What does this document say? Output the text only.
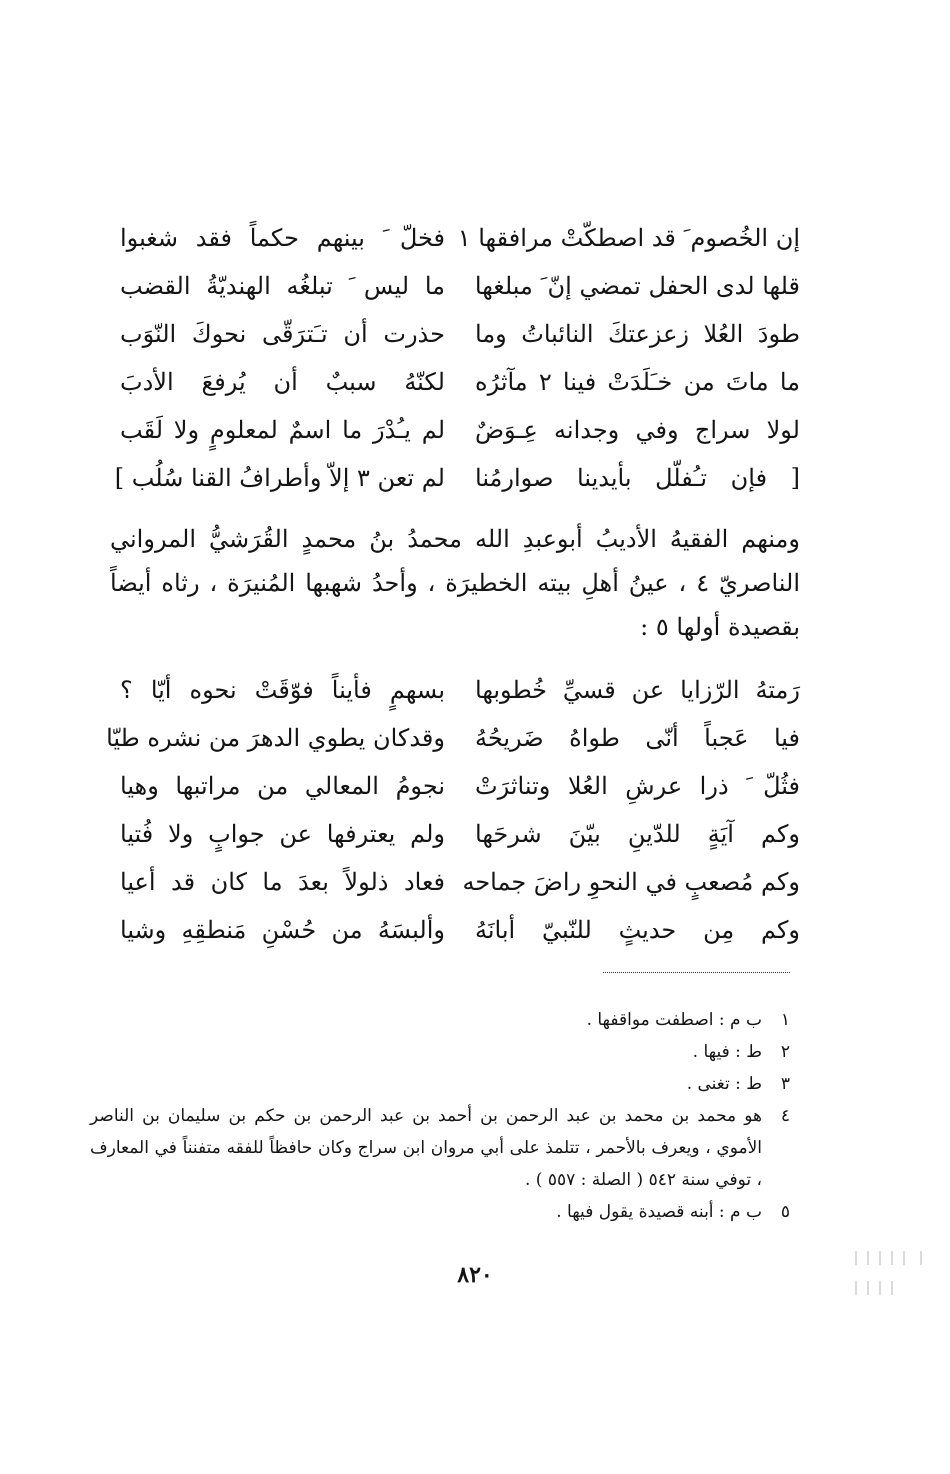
إن الخُصوم َ قد اصطكّتْ مرافقها ١
فخلّ َ بينهم حكماً فقد شغبوا
قلها لدى الحفل تمضي إنّ َ مبلغها
ما ليس َ تبلغُه الهنديّةُ القضب
طودَ العُلا زعزعتكَ النائباتُ وما
حذرت أن تـَترَقّى نحوكَ النّوَب
ما ماتَ من خـَلَدَتْ فينا ٢ مآثرُه
لكنّهُ سببٌ أن يُرفعَ الأدبَ
لولا سراج وفي وجدانه عِـوَضٌ
لم يـُدْرَ ما اسمٌ لمعلومٍ ولا لَقَب
[ فإن تـُفلّل بأيدينا صوارمُنا
لم تعن ٣ إلاّ وأطرافُ القنا سُلُب ]
ومنهم الفقيهُ الأديبُ أبوعبدِ الله محمدُ بنُ محمدٍ القُرَشيُّ المرواني الناصريّ ٤ ، عينُ أهلِ بيته الخطيرَة ، وأحدُ شهبها المُنيرَة ، رثاه أيضاً بقصيدة أولها ٥ :
رَمتهُ الرّزايا عن قسيِّ خُطوبها
بسهمٍ فأيناً فوّقَتْ نحوه أيّا ؟
فيا عَجباً أنّى طواهُ ضَريحُهُ
وقدكان يطوي الدهرَ من نشره طيّا
فثُلّ َ ذرا عرشِ العُلا وتناثرَتْ
نجومُ المعالي من مراتبها وهيا
وكم آيَةٍ للدّينِ بيّنَ شرحَها
ولم يعترفها عن جوابٍ ولا فُتيا
وكم مُصعبٍ في النحوِ راضَ جماحه
فعاد ذلولاً بعدَ ما كان قد أعيا
وكم مِن حديثٍ للنّبيّ أبانَهُ
وألبسَهُ من حُسْنِ مَنطقِهِ وشيا
١
ب م : اصطفت مواقفها .
٢
ط : فيها .
٣
ط : تغنى .
٤
هو محمد بن محمد بن عبد الرحمن بن أحمد بن عبد الرحمن بن حكم بن سليمان بن الناصر الأموي ، ويعرف بالأحمر ، تتلمذ على أبي مروان ابن سراج وكان حافظاً للفقه متفنناً في المعارف ، توفي سنة ٥٤٢ ( الصلة : ٥٥٧ ) .
٥
ب م : أبنه قصيدة يقول فيها .
٨٢٠
